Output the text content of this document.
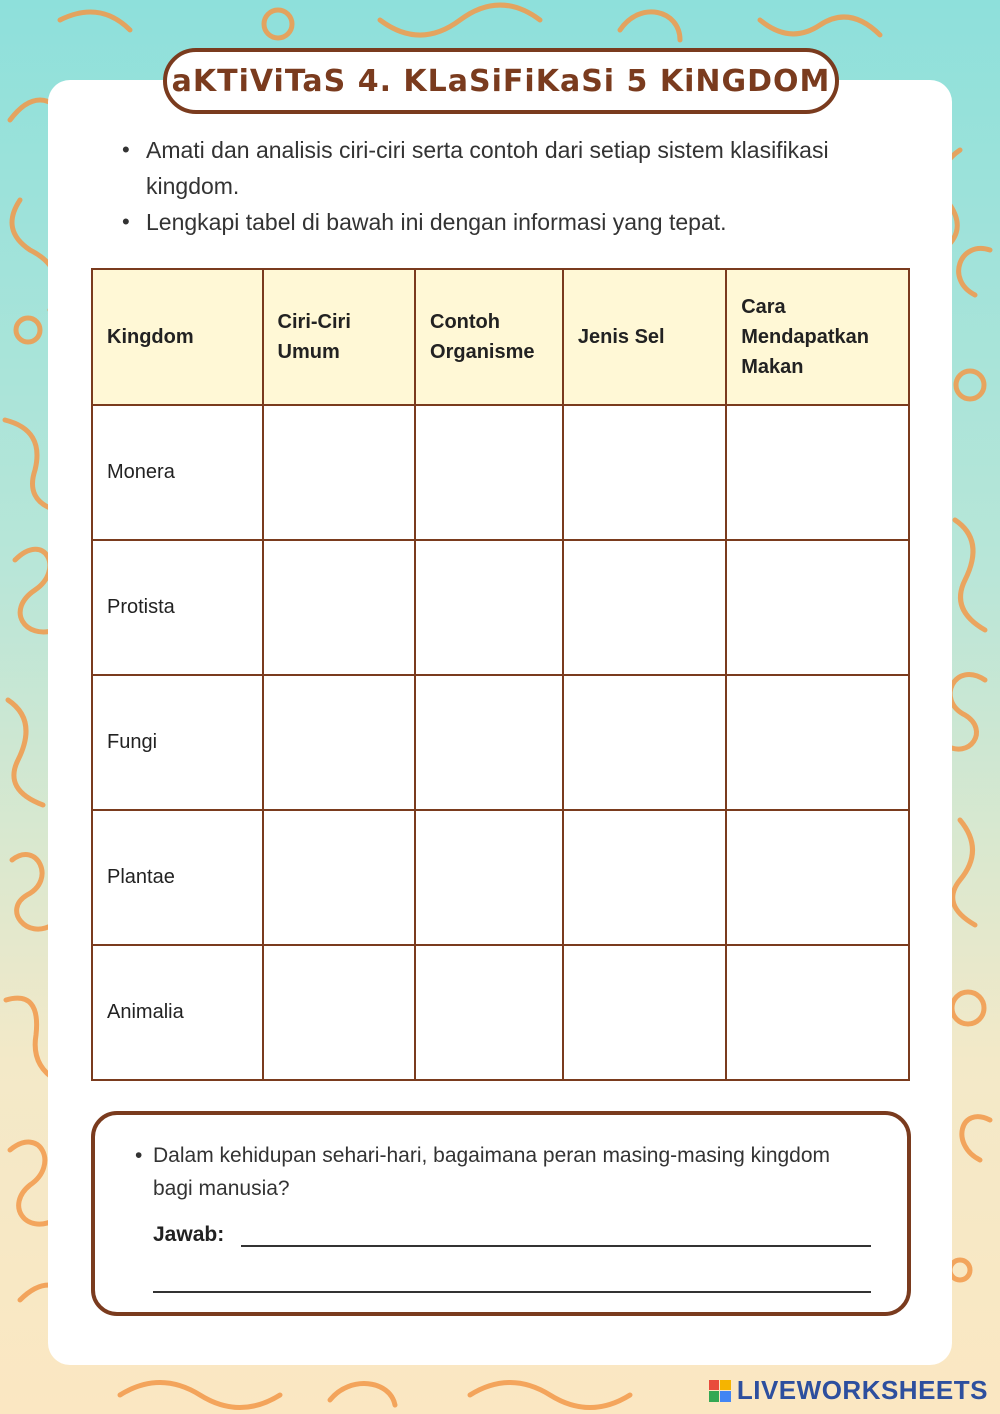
aKTiViTaS 4. KLaSiFiKaSi 5 KiNGDOM
• Amati dan analisis ciri-ciri serta contoh dari setiap sistem klasifikasi kingdom.
• Lengkapi tabel di bawah ini dengan informasi yang tepat.
Kingdom	Ciri-Ciri Umum	Contoh Organisme	Jenis Sel	Cara Mendapatkan Makan
Monera				
Protista				
Fungi				
Plantae				
Animalia				
• Dalam kehidupan sehari-hari, bagaimana peran masing-masing kingdom bagi manusia?
Jawab:
LIVEWORKSHEETS
